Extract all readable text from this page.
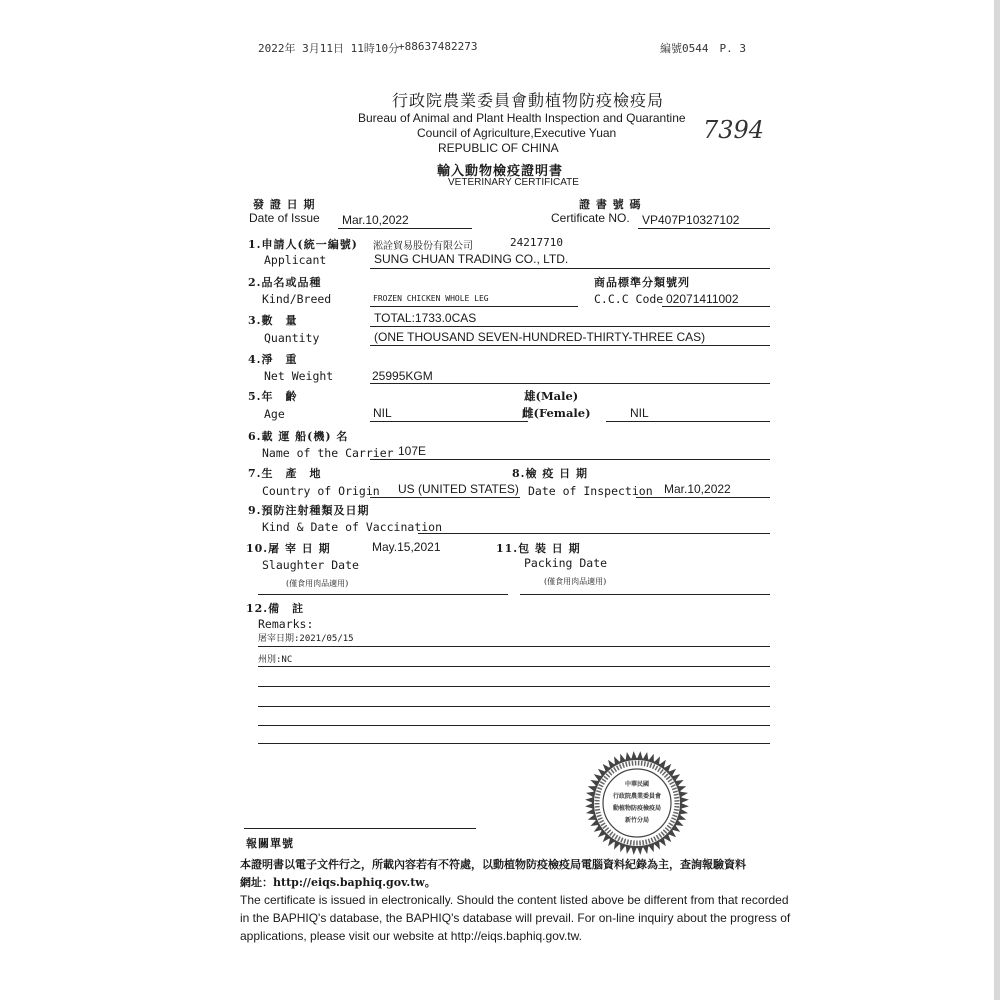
2022年 3月11日 11時10分
+88637482273	編號0544　P. 3
7394
行政院農業委員會動植物防疫檢疫局
Bureau of Animal and Plant Health Inspection and Quarantine
Council of Agriculture,Executive Yuan
REPUBLIC OF CHINA
輸入動物檢疫證明書
VETERINARY CERTIFICATE
發 證 日 期
Date of Issue Mar.10,2022
證 書 號 碼
Certificate NO. VP407P10327102
1.申請人(統一編號) 淞詮貿易股份有限公司	24217710
Applicant	SUNG CHUAN TRADING CO., LTD.
2.品名或品種	商品標準分類號列
Kind/Breed	FROZEN CHICKEN WHOLE LEG	C.C.C Code 02071411002
3.數　量	TOTAL:1733.0CAS
Quantity	(ONE THOUSAND SEVEN-HUNDRED-THIRTY-THREE CAS)
4.淨　重
Net Weight	25995KGM
5.年　齡	雄(Male)
Age	NIL	雌(Female)	NIL
6.載 運 船(機) 名
Name of the Carrier 107E
7.生　產　地	8.檢 疫 日 期
Country of Origin US (UNITED STATES) Date of Inspection Mar.10,2022
9.預防注射種類及日期
Kind & Date of Vaccination
10.屠 宰 日 期	May.15,2021	11.包 裝 日 期
Slaughter Date	Packing Date
(僅食用肉品適用)	(僅食用肉品適用)
12.備　註
Remarks:
屠宰日期:2021/05/15
州別:NC
中華民國
行政院農業委員會
動植物防疫檢疫局
新竹分局
報關單號
本證明書以電子文件行之，所載內容若有不符處，以動植物防疫檢疫局電腦資料紀錄為主，查詢報驗資料
網址：http://eiqs.baphiq.gov.tw。
The certificate is issued in electronically. Should the content listed above be different from that recorded
in the BAPHIQ's database, the BAPHIQ's database will prevail. For on-line inquiry about the progress of
applications, please visit our website at http://eiqs.baphiq.gov.tw.
